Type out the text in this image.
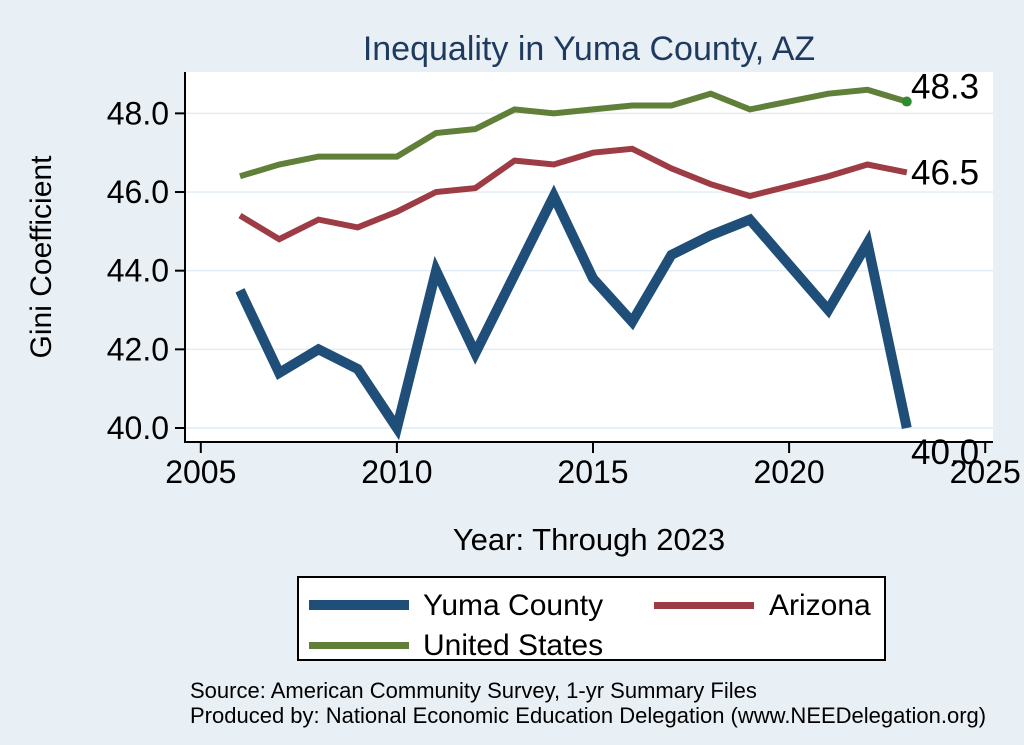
40.0
42.0
44.0
46.0
48.0
2005	2010	2015	2020	2025
40.0
46.5
48.3
Inequality in Yuma County, AZ
Gini Coefficient
Year: Through 2023
Yuma County	Arizona
United States
Source: American Community Survey, 1-yr Summary Files
Produced by: National Economic Education Delegation (www.NEEDelegation.org)
